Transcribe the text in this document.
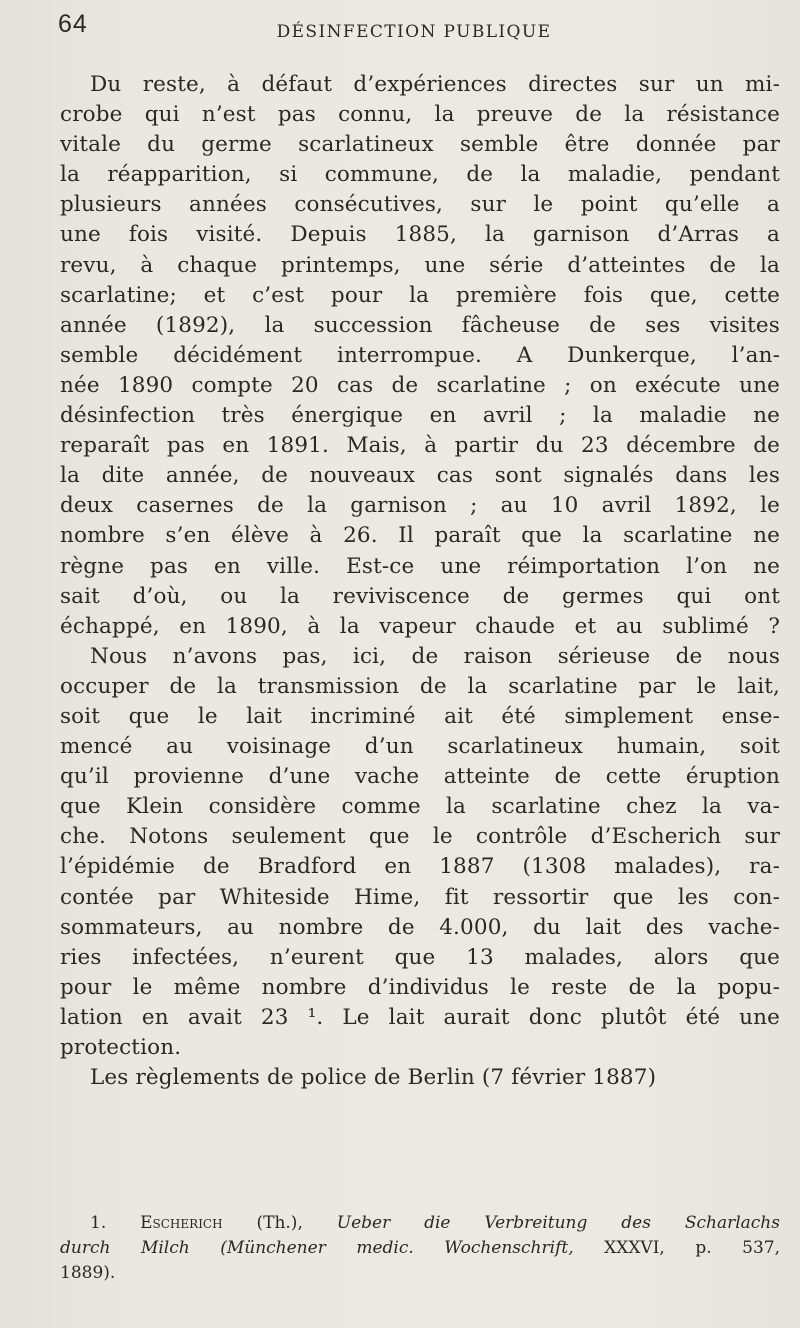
64	DÉSINFECTION PUBLIQUE
Du reste, à défaut d’expériences directes sur un mi-
crobe qui n’est pas connu, la preuve de la résistance
vitale du germe scarlatineux semble être donnée par
la réapparition, si commune, de la maladie, pendant
plusieurs années consécutives, sur le point qu’elle a
une fois visité. Depuis 1885, la garnison d’Arras a
revu, à chaque printemps, une série d’atteintes de la
scarlatine; et c’est pour la première fois que, cette
année (1892), la succession fâcheuse de ses visites
semble décidément interrompue. A Dunkerque, l’an-
née 1890 compte 20 cas de scarlatine ; on exécute une
désinfection très énergique en avril ; la maladie ne
reparaît pas en 1891. Mais, à partir du 23 décembre de
la dite année, de nouveaux cas sont signalés dans les
deux casernes de la garnison ; au 10 avril 1892, le
nombre s’en élève à 26. Il paraît que la scarlatine ne
règne pas en ville. Est-ce une réimportation l’on ne
sait d’où, ou la reviviscence de germes qui ont
échappé, en 1890, à la vapeur chaude et au sublimé ?
Nous n’avons pas, ici, de raison sérieuse de nous
occuper de la transmission de la scarlatine par le lait,
soit que le lait incriminé ait été simplement ense-
mencé au voisinage d’un scarlatineux humain, soit
qu’il provienne d’une vache atteinte de cette éruption
que Klein considère comme la scarlatine chez la va-
che. Notons seulement que le contrôle d’Escherich sur
l’épidémie de Bradford en 1887 (1308 malades), ra-
contée par Whiteside Hime, fit ressortir que les con-
sommateurs, au nombre de 4.000, du lait des vache-
ries infectées, n’eurent que 13 malades, alors que
pour le même nombre d’individus le reste de la popu-
lation en avait 23 ¹. Le lait aurait donc plutôt été une
protection.
Les règlements de police de Berlin (7 février 1887)
1. Escherich (Th.), Ueber die Verbreitung des Scharlachs
durch Milch (Münchener medic. Wochenschrift, XXXVI, p. 537,
1889).
